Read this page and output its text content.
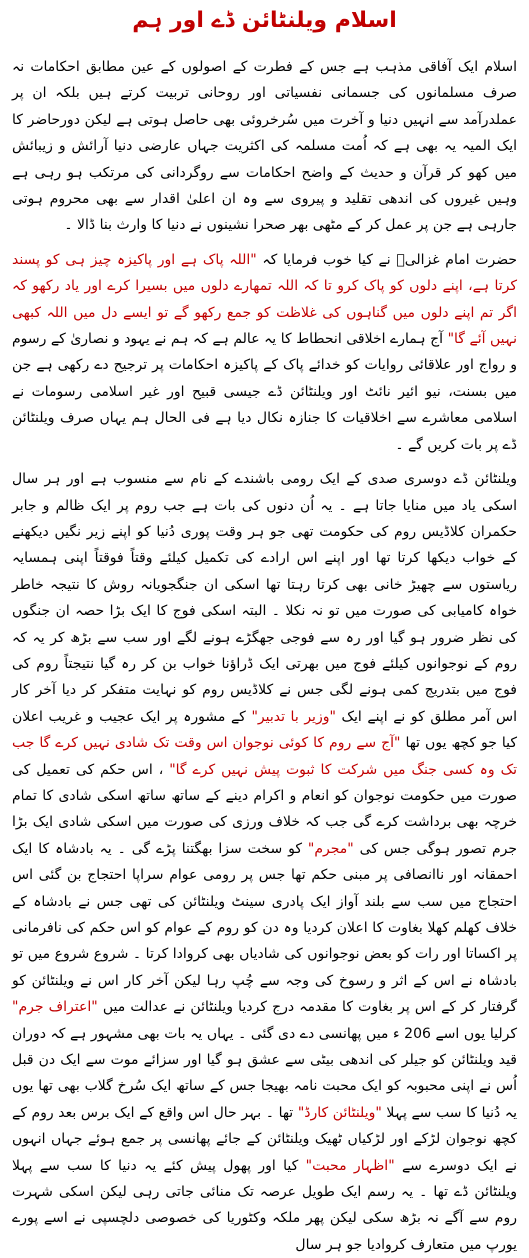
اسلام ویلنٹائن ڈے اور ہم

اسلام ایک آفاقی مذہب ہے جس کے فطرت کے اصولوں کے عین مطابق احکامات نہ صرف مسلمانوں کی جسمانی نفسیاتی اور روحانی تربیت کرتے ہیں بلکہ ان پر عملدرآمد سے انہیں دنیا و آخرت میں سُرخروئی بھی حاصل ہوتی ہے لیکن دورحاضر کا ایک المیہ یہ بھی ہے کہ اُمت مسلمہ کی اکثریت جہاں عارضی دنیا آرائش و زیبائش میں کھو کر قرآن و حدیث کے واضح احکامات سے روگردانی کی مرتکب ہو رہی ہے وہیں غیروں کی اندھی تقلید و پیروی سے وہ ان اعلیٰ اقدار سے بھی محروم ہوتی جارہی ہے جن پر عمل کر کے مٹھی بھر صحرا نشینوں نے دنیا کا وارث بنا ڈالا ۔

حضرت امام غزالیؒ نے کیا خوب فرمایا کہ "اللہ پاک ہے اور پاکیزہ چیز ہی کو پسند کرتا ہے، اپنے دلوں کو پاک کرو تا کہ اللہ تمھارے دلوں میں بسیرا کرے اور یاد رکھو کہ اگر تم اپنے دلوں میں گناہوں کی غلاظت کو جمع رکھو گے تو ایسے دل میں اللہ کبھی نہیں آئے گا" آج ہمارے اخلاقی انحطاط کا یہ عالم ہے کہ ہم نے یہود و نصاریٰ کے رسوم و رواج اور علاقائی روایات کو خدائے پاک کے پاکیزہ احکامات پر ترجیح دے رکھی ہے جن میں بسنت، نیو ائیر نائٹ اور ویلنٹائن ڈے جیسی قبیح اور غیر اسلامی رسومات نے اسلامی معاشرے سے اخلاقیات کا جنازہ نکال دیا ہے فی الحال ہم یہاں صرف ویلنٹائن ڈے پر بات کریں گے ۔

ویلنٹائن ڈے دوسری صدی کے ایک رومی باشندے کے نام سے منسوب ہے اور ہر سال اسکی یاد میں منایا جاتا ہے ۔ یہ اُن دنوں کی بات ہے جب روم پر ایک ظالم و جابر حکمران کلاڈیس روم کی حکومت تھی جو ہر وقت پوری دُنیا کو اپنے زیر نگیں دیکھنے کے خواب دیکھا کرتا تھا اور اپنے اس ارادے کی تکمیل کیلئے وقتاً فوقتاً اپنی ہمسایہ ریاستوں سے چھیڑ خانی بھی کرتا رہتا تھا اسکی ان جنگجویانہ روش کا نتیجہ خاطر خواہ کامیابی کی صورت میں تو نہ نکلا ۔ البتہ اسکی فوج کا ایک بڑا حصہ ان جنگوں کی نظر ضرور ہو گیا اور رہ سے فوجی جھگڑے ہونے لگے اور سب سے بڑھ کر یہ کہ روم کے نوجوانوں کیلئے فوج میں بھرتی ایک ڈراؤنا خواب بن کر رہ گیا نتیجتاً روم کی فوج میں بتدریج کمی ہونے لگی جس نے کلاڈیس روم کو نہایت متفکر کر دیا آخر کار اس آمر مطلق کو نے اپنے ایک "وزیر با تدبیر" کے مشورہ پر ایک عجیب و غریب اعلان کیا جو کچھ یوں تھا "آج سے روم کا کوئی نوجوان اس وقت تک شادی نہیں کرے گا جب تک وہ کسی جنگ میں شرکت کا ثبوت پیش نہیں کرے گا" ، اس حکم کی تعمیل کی صورت میں حکومت نوجوان کو انعام و اکرام دینے کے ساتھ ساتھ اسکی شادی کا تمام خرچہ بھی برداشت کرے گی جب کہ خلاف ورزی کی صورت میں اسکی شادی ایک بڑا جرم تصور ہوگی جس کی "مجرم" کو سخت سزا بھگتنا پڑے گی ۔ یہ بادشاہ کا ایک احمقانہ اور ناانصافی پر مبنی حکم تھا جس پر رومی عوام سراپا احتجاج بن گئی اس احتجاج میں سب سے بلند آواز ایک پادری سینٹ ویلنٹائن کی تھی جس نے بادشاہ کے خلاف کھلم کھلا بغاوت کا اعلان کردیا وہ دن کو روم کے عوام کو اس حکم کی نافرمانی پر اکساتا اور رات کو بعض نوجوانوں کی شادیاں بھی کروادا کرتا ۔ شروع شروع میں تو بادشاہ نے اس کے اثر و رسوخ کی وجہ سے چُپ رہا لیکن آخر کار اس نے ویلنٹائن کو گرفتار کر کے اس پر بغاوت کا مقدمہ درج کردیا ویلنٹائن نے عدالت میں "اعتراف جرم" کرلیا یوں اسے 206 ء میں پھانسی دے دی گئی ۔ یہاں یہ بات بھی مشہور ہے کہ دوران قید ویلنٹائن کو جیلر کی اندھی بیٹی سے عشق ہو گیا اور سزائے موت سے ایک دن قبل اُس نے اپنی محبوبہ کو ایک محبت نامہ بھیجا جس کے ساتھ ایک سُرخ گلاب بھی تھا یوں یہ دُنیا کا سب سے پہلا "ویلنٹائن کارڈ" تھا ۔ بہر حال اس واقع کے ایک برس بعد روم کے کچھ نوجوان لڑکے اور لڑکیاں ٹھیک ویلنٹائن کے جائے پھانسی پر جمع ہوئے جہاں انہوں نے ایک دوسرے سے "اظہار محبت" کیا اور پھول پیش کئے یہ دنیا کا سب سے پہلا ویلنٹائن ڈے تھا ۔ یہ رسم ایک طویل عرصہ تک منائی جاتی رہی لیکن اسکی شہرت روم سے آگے نہ بڑھ سکی لیکن پھر ملکہ وکٹوریا کی خصوصی دلچسپی نے اسے پورے یورپ میں متعارف کروادیا جو ہر سال
